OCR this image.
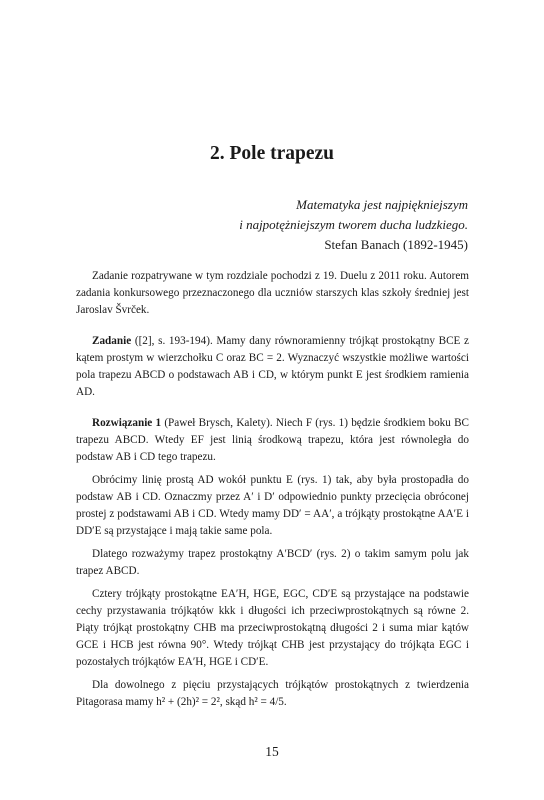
2. Pole trapezu
Matematyka jest najpiękniejszym
i najpotężniejszym tworem ducha ludzkiego.
Stefan Banach (1892-1945)

Zadanie rozpatrywane w tym rozdziale pochodzi z 19. Duelu z 2011 roku. Autorem zadania konkursowego przeznaczonego dla uczniów starszych klas szkoły średniej jest Jaroslav Švrček.

Zadanie ([2], s. 193-194). Mamy dany równoramienny trójkąt prostokątny BCE z kątem prostym w wierzchołku C oraz BC = 2. Wyznaczyć wszystkie możliwe wartości pola trapezu ABCD o podstawach AB i CD, w którym punkt E jest środkiem ramienia AD.

Rozwiązanie 1 (Paweł Brysch, Kalety). Niech F (rys. 1) będzie środkiem boku BC trapezu ABCD. Wtedy EF jest linią środkową trapezu, która jest równoległa do podstaw AB i CD tego trapezu.

Obrócimy linię prostą AD wokół punktu E (rys. 1) tak, aby była prostopadła do podstaw AB i CD. Oznaczmy przez A′ i D′ odpowiednio punkty przecięcia obróconej prostej z podstawami AB i CD. Wtedy mamy DD′ = AA′, a trójkąty prostokątne AA′E i DD′E są przystające i mają takie same pola.

Dlatego rozważymy trapez prostokątny A′BCD′ (rys. 2) o takim samym polu jak trapez ABCD.

Cztery trójkąty prostokątne EA′H, HGE, EGC, CD′E są przystające na podstawie cechy przystawania trójkątów kkk i długości ich przeciwprostokątnych są równe 2. Piąty trójkąt prostokątny CHB ma przeciwprostokątną długości 2 i suma miar kątów GCE i HCB jest równa 90°. Wtedy trójkąt CHB jest przystający do trójkąta EGC i pozostałych trójkątów EA′H, HGE i CD′E.

Dla dowolnego z pięciu przystających trójkątów prostokątnych z twierdzenia Pitagorasa mamy h² + (2h)² = 2², skąd h² = 4/5.

15
